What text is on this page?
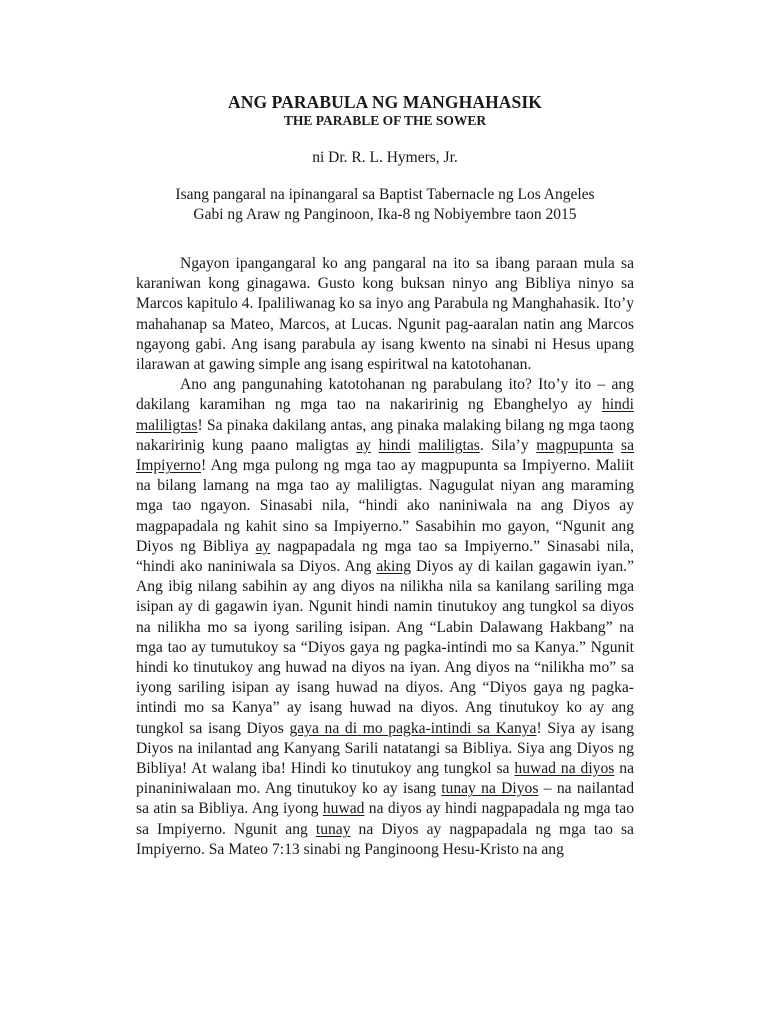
ANG PARABULA NG MANGHAHASIK
THE PARABLE OF THE SOWER

ni Dr. R. L. Hymers, Jr.

Isang pangaral na ipinangaral sa Baptist Tabernacle ng Los Angeles
Gabi ng Araw ng Panginoon, Ika-8 ng Nobiyembre taon 2015

Ngayon ipangangaral ko ang pangaral na ito sa ibang paraan mula sa karaniwan kong ginagawa. Gusto kong buksan ninyo ang Bibliya ninyo sa Marcos kapitulo 4. Ipaliliwanag ko sa inyo ang Parabula ng Manghahasik. Ito’y mahahanap sa Mateo, Marcos, at Lucas. Ngunit pag-aaralan natin ang Marcos ngayong gabi. Ang isang parabula ay isang kwento na sinabi ni Hesus upang ilarawan at gawing simple ang isang espiritwal na katotohanan.

Ano ang pangunahing katotohanan ng parabulang ito? Ito’y ito – ang dakilang karamihan ng mga tao na nakaririnig ng Ebanghelyo ay hindi maliligtas! Sa pinaka dakilang antas, ang pinaka malaking bilang ng mga taong nakaririnig kung paano maligtas ay hindi maliligtas. Sila’y magpupunta sa Impiyerno! Ang mga pulong ng mga tao ay magpupunta sa Impiyerno. Maliit na bilang lamang na mga tao ay maliligtas. Nagugulat niyan ang maraming mga tao ngayon. Sinasabi nila, “hindi ako naniniwala na ang Diyos ay magpapadala ng kahit sino sa Impiyerno.” Sasabihin mo gayon, “Ngunit ang Diyos ng Bibliya ay nagpapadala ng mga tao sa Impiyerno.” Sinasabi nila, “hindi ako naniniwala sa Diyos. Ang aking Diyos ay di kailan gagawin iyan.” Ang ibig nilang sabihin ay ang diyos na nilikha nila sa kanilang sariling mga isipan ay di gagawin iyan. Ngunit hindi namin tinutukoy ang tungkol sa diyos na nilikha mo sa iyong sariling isipan. Ang “Labin Dalawang Hakbang” na mga tao ay tumutukoy sa “Diyos gaya ng pagka-intindi mo sa Kanya.” Ngunit hindi ko tinutukoy ang huwad na diyos na iyan. Ang diyos na “nilikha mo” sa iyong sariling isipan ay isang huwad na diyos. Ang “Diyos gaya ng pagka-intindi mo sa Kanya” ay isang huwad na diyos. Ang tinutukoy ko ay ang tungkol sa isang Diyos gaya na di mo pagka-intindi sa Kanya! Siya ay isang Diyos na inilantad ang Kanyang Sarili natatangi sa Bibliya. Siya ang Diyos ng Bibliya! At walang iba! Hindi ko tinutukoy ang tungkol sa huwad na diyos na pinaniniwalaan mo. Ang tinutukoy ko ay isang tunay na Diyos – na nailantad sa atin sa Bibliya. Ang iyong huwad na diyos ay hindi nagpapadala ng mga tao sa Impiyerno. Ngunit ang tunay na Diyos ay nagpapadala ng mga tao sa Impiyerno. Sa Mateo 7:13 sinabi ng Panginoong Hesu-Kristo na ang
